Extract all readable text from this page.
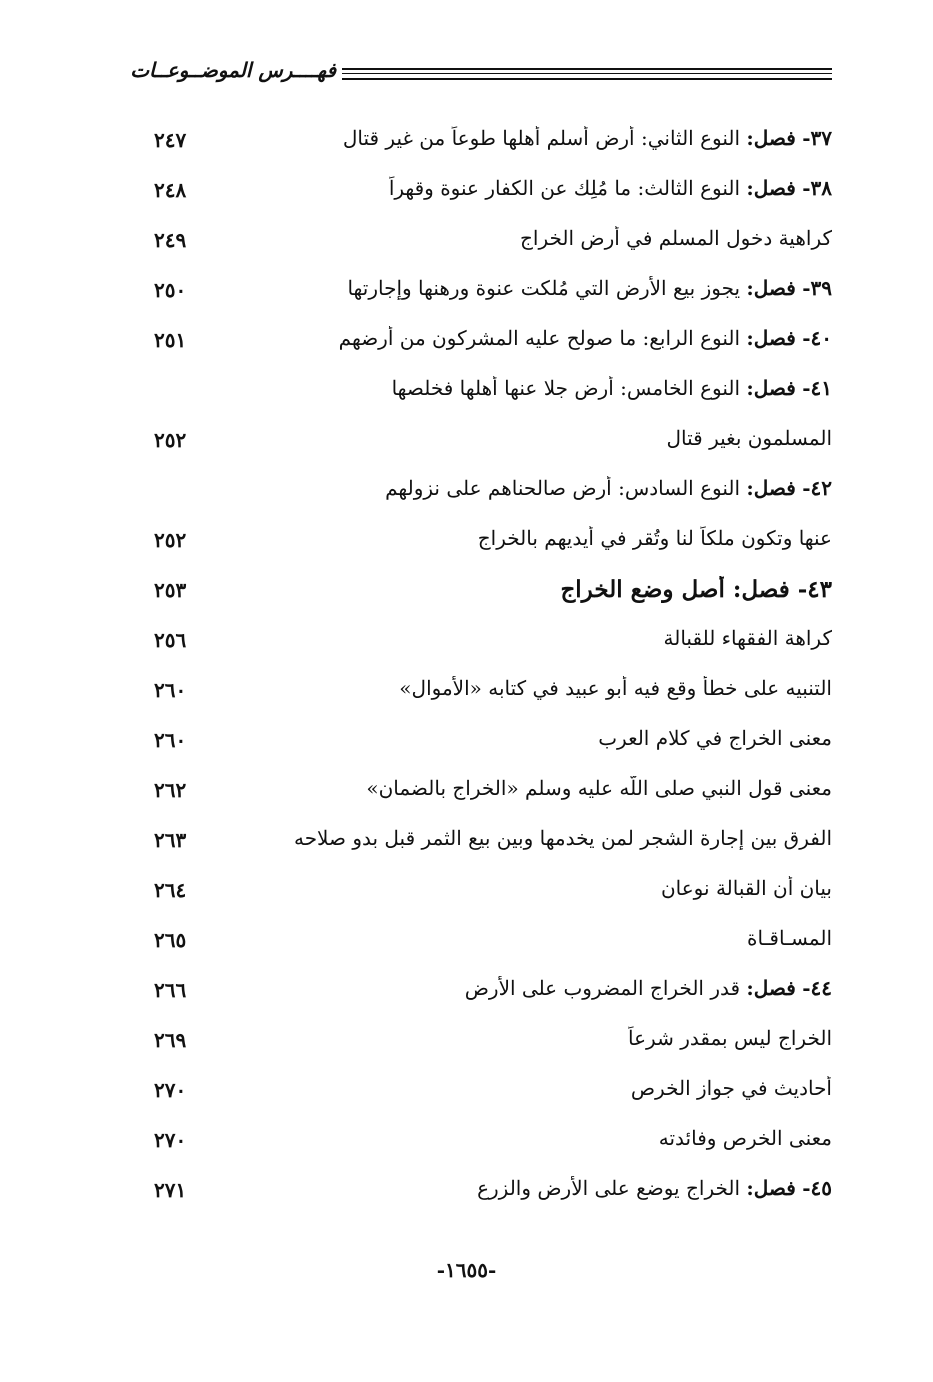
فهــــرس الموضــوعــات
٣٧- فصل: النوع الثاني: أرض أسلم أهلها طوعاً من غير قتال
٢٤٧
٣٨- فصل: النوع الثالث: ما مُلِك عن الكفار عنوة وقهراً
٢٤٨
كراهية دخول المسلم في أرض الخراج
٢٤٩
٣٩- فصل: يجوز بيع الأرض التي مُلكت عنوة ورهنها وإجارتها
٢٥٠
٤٠- فصل: النوع الرابع: ما صولح عليه المشركون من أرضهم
٢٥١
٤١- فصل: النوع الخامس: أرض جلا عنها أهلها فخلصها
المسلمون بغير قتال
٢٥٢
٤٢- فصل: النوع السادس: أرض صالحناهم على نزولهم
عنها وتكون ملكاً لنا وتُقر في أيديهم بالخراج
٢٥٢
٤٣- فصل: أصل وضع الخراج
٢٥٣
كراهة الفقهاء للقبالة
٢٥٦
التنبيه على خطأ وقع فيه أبو عبيد في كتابه «الأموال»
٢٦٠
معنى الخراج في كلام العرب
٢٦٠
معنى قول النبي صلى اللّه عليه وسلم «الخراج بالضمان»
٢٦٢
الفرق بين إجارة الشجر لمن يخدمها وبين بيع الثمر قبل بدو صلاحه
٢٦٣
بيان أن القبالة نوعان
٢٦٤
المسـاقـاة
٢٦٥
٤٤- فصل: قدر الخراج المضروب على الأرض
٢٦٦
الخراج ليس بمقدر شرعاً
٢٦٩
أحاديث في جواز الخرص
٢٧٠
معنى الخرص وفائدته
٢٧٠
٤٥- فصل: الخراج يوضع على الأرض والزرع
٢٧١
-١٦٥٥-
